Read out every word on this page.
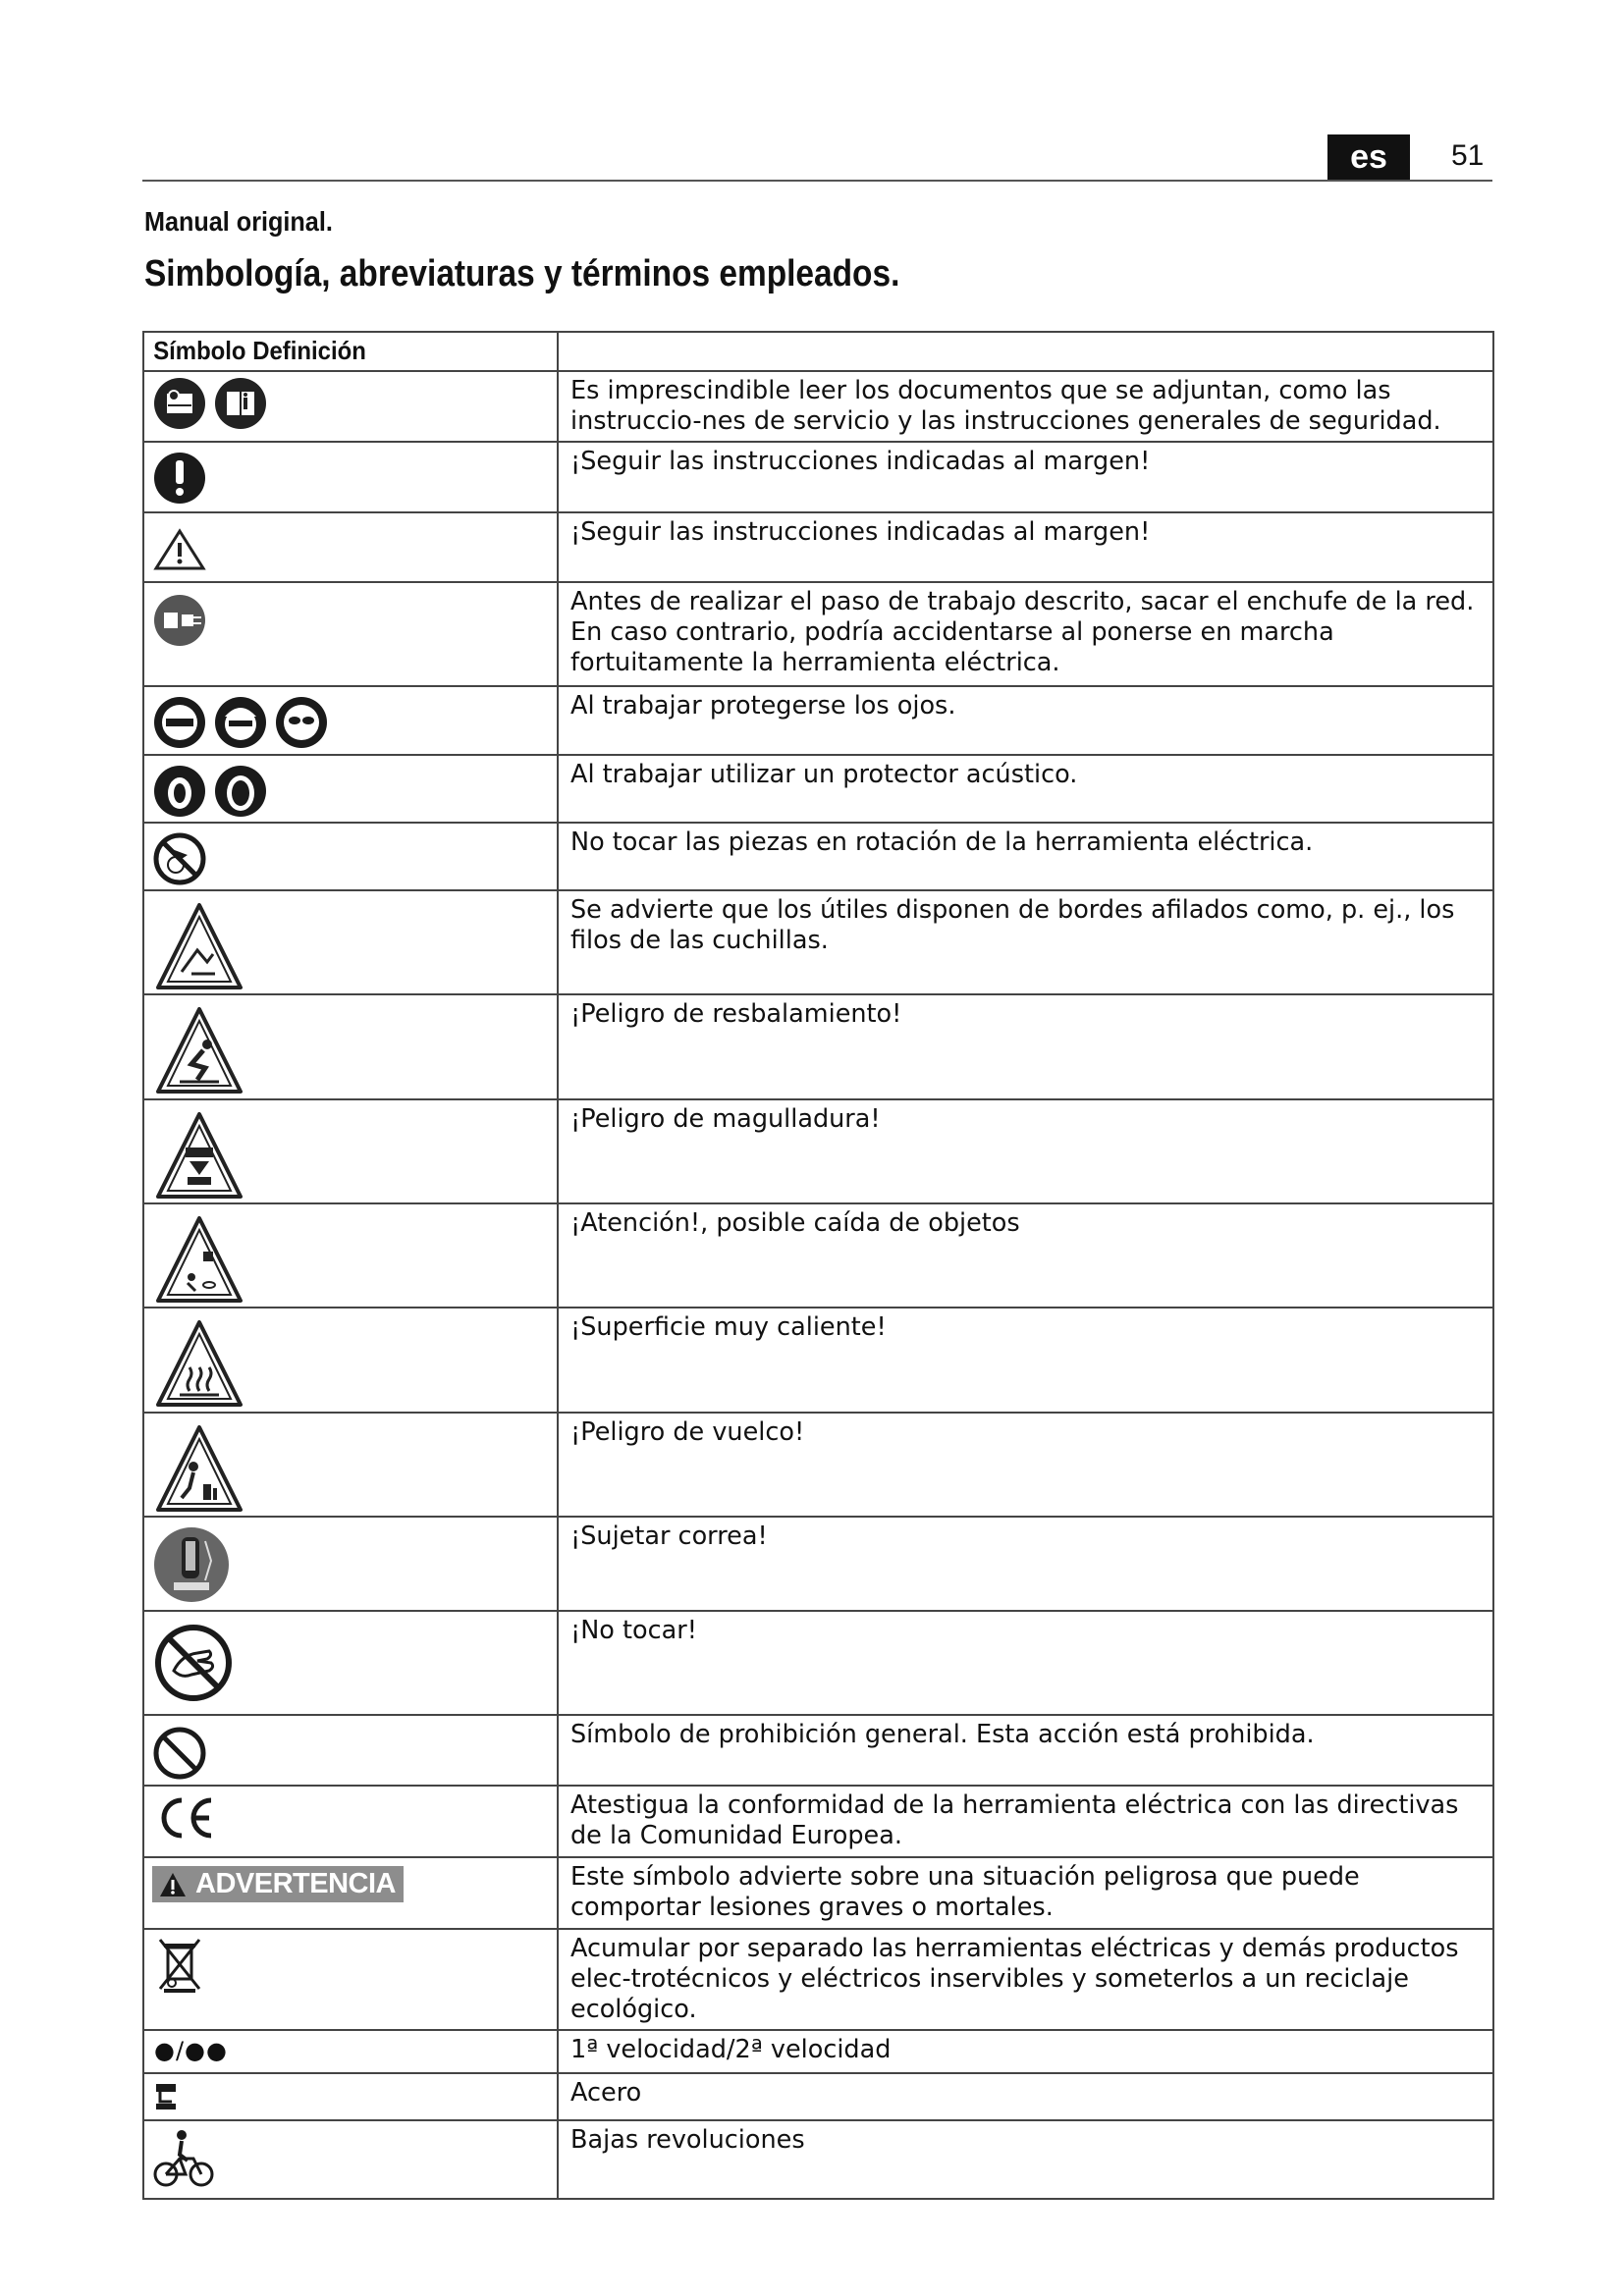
es	51
Manual original.
Simbología, abreviaturas y términos empleados.
Símbolo Definición	

	Es imprescindible leer los documentos que se adjuntan, como las instruccio-nes de servicio y las instrucciones generales de seguridad.

	¡Seguir las instrucciones indicadas al margen!

	¡Seguir las instrucciones indicadas al margen!

	Antes de realizar el paso de trabajo descrito, sacar el enchufe de la red. En caso contrario, podría accidentarse al ponerse en marcha fortuitamente la herramienta eléctrica.

	Al trabajar protegerse los ojos.

	Al trabajar utilizar un protector acústico.

	No tocar las piezas en rotación de la herramienta eléctrica.

	Se advierte que los útiles disponen de bordes afilados como, p. ej., los filos de las cuchillas.

	¡Peligro de resbalamiento!

	¡Peligro de magulladura!

	¡Atención!, posible caída de objetos

	¡Superficie muy caliente!

	¡Peligro de vuelco!

	¡Sujetar correa!

	¡No tocar!

	Símbolo de prohibición general. Esta acción está prohibida.

	Atestigua la conformidad de la herramienta eléctrica con las directivas de la Comunidad Europea.

ADVERTENCIA	Este símbolo advierte sobre una situación peligrosa que puede comportar lesiones graves o mortales.

	Acumular por separado las herramientas eléctricas y demás productos elec-trotécnicos y eléctricos inservibles y someterlos a un reciclaje ecológico.

●/●●	1ª velocidad/2ª velocidad

	Acero

	Bajas revoluciones
